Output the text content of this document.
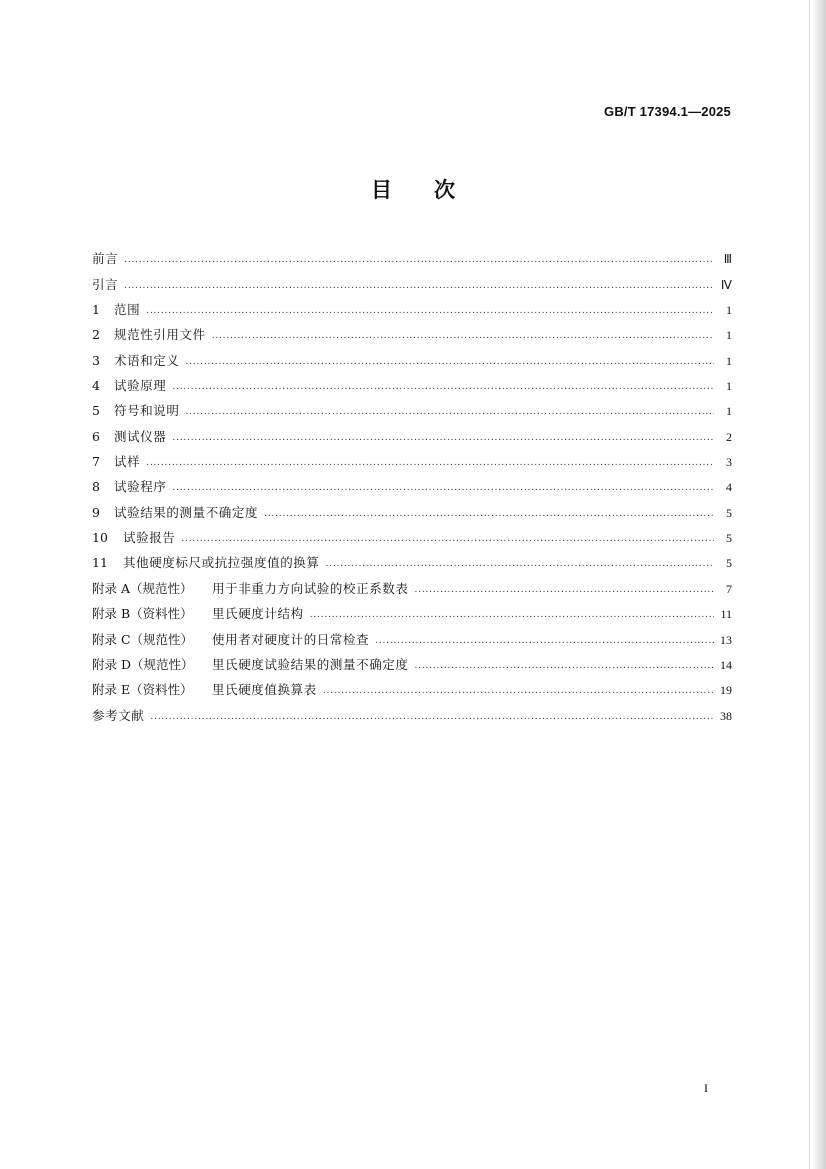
GB/T 17394.1—2025
目次
前言 .....	Ⅲ
引言 .....	Ⅳ
1	范围 .....	1
2	规范性引用文件 .....	1
3	术语和定义 .....	1
4	试验原理 .....	1
5	符号和说明 .....	1
6	测试仪器 .....	2
7	试样 .....	3
8	试验程序 .....	4
9	试验结果的测量不确定度 .....	5
10	试验报告 .....	5
11	其他硬度标尺或抗拉强度值的换算 .....	5
附录 A（规范性）	用于非重力方向试验的校正系数表 .....	7
附录 B（资料性）	里氏硬度计结构 .....	11
附录 C（规范性）	使用者对硬度计的日常检查 .....	13
附录 D（规范性）	里氏硬度试验结果的测量不确定度 .....	14
附录 E（资料性）	里氏硬度值换算表 .....	19
参考文献 .....	38
I
